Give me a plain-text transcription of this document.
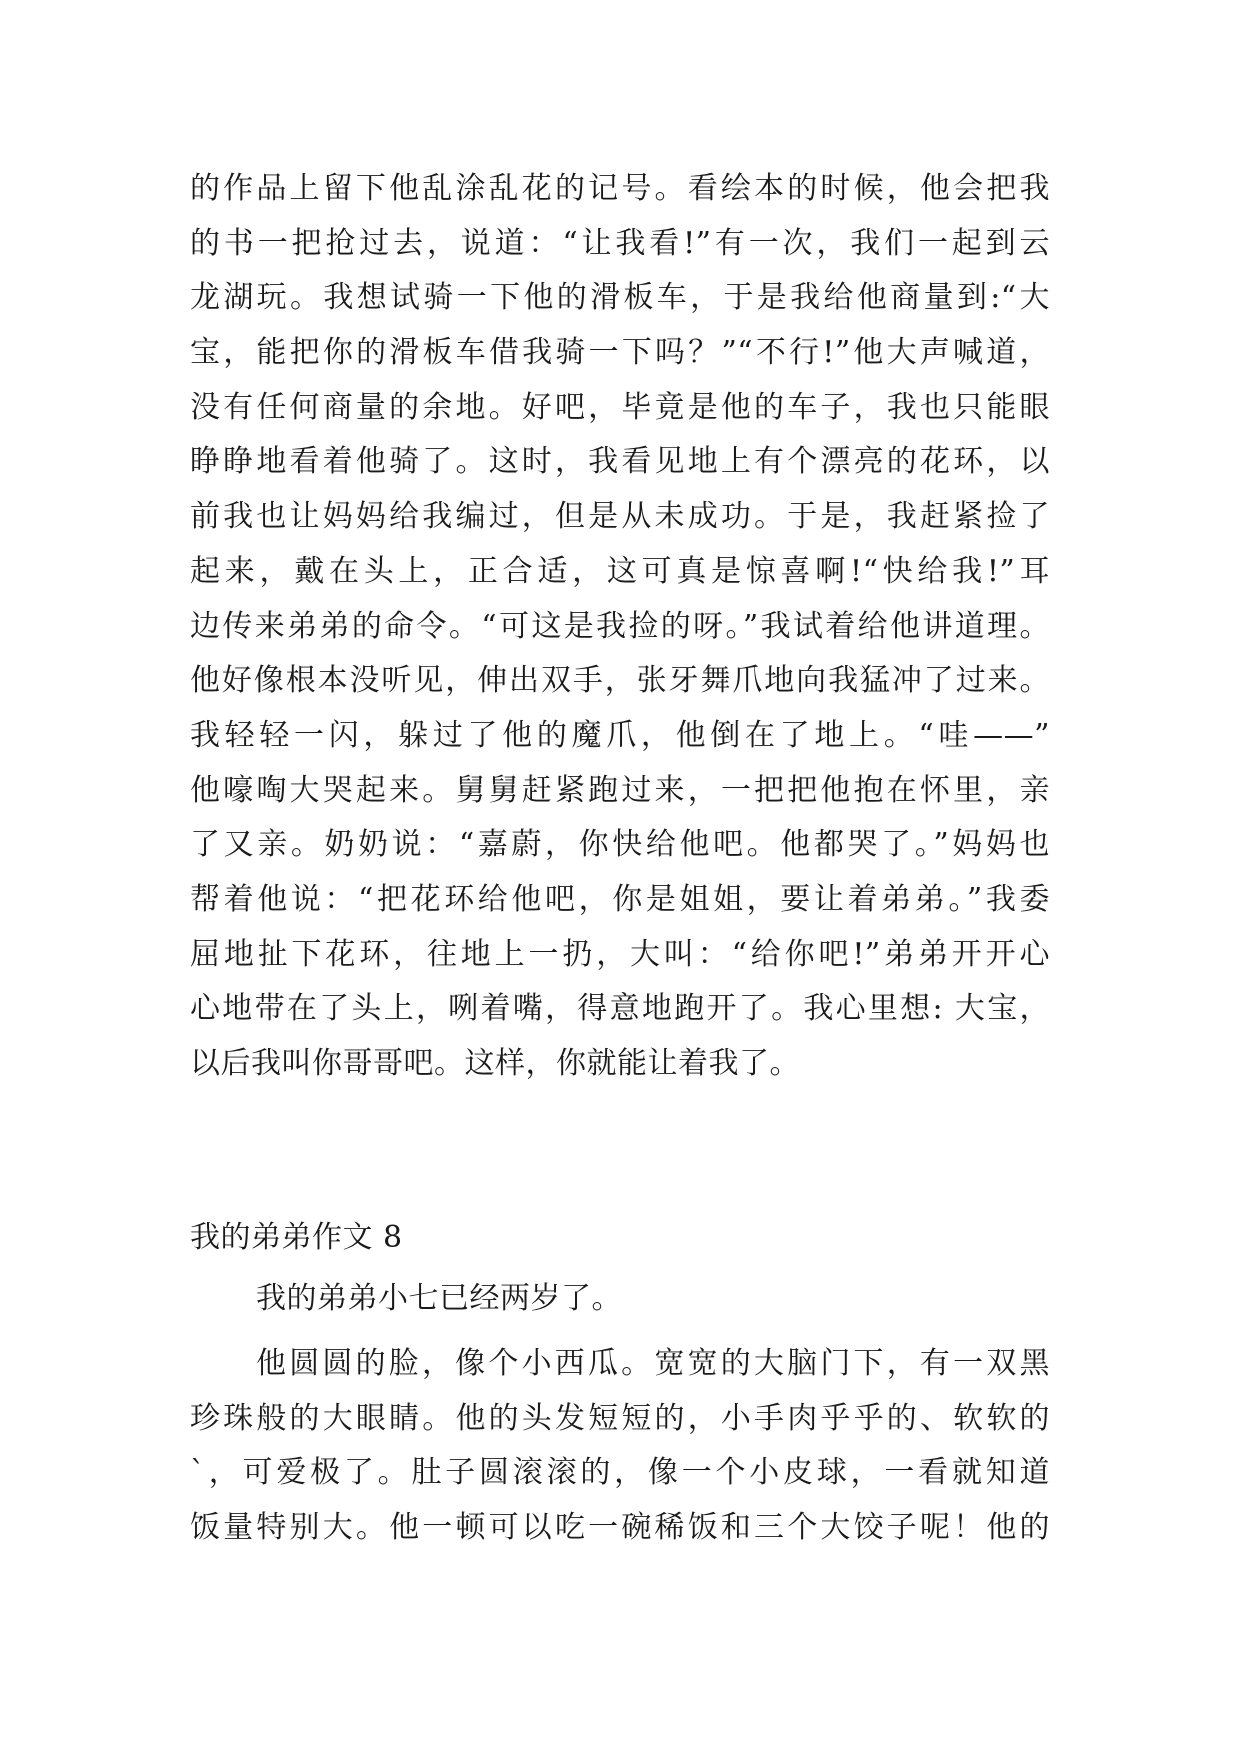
的作品上留下他乱涂乱花的记号。看绘本的时候，他会把我
的书一把抢过去，说道：“让我看!”有一次，我们一起到云
龙湖玩。我想试骑一下他的滑板车，于是我给他商量到:“大
宝，能把你的滑板车借我骑一下吗？”“不行!”他大声喊道，
没有任何商量的余地。好吧，毕竟是他的车子，我也只能眼
睁睁地看着他骑了。这时，我看见地上有个漂亮的花环，以
前我也让妈妈给我编过，但是从未成功。于是，我赶紧捡了
起来，戴在头上，正合适，这可真是惊喜啊!“快给我!”耳
边传来弟弟的命令。“可这是我捡的呀。”我试着给他讲道理。
他好像根本没听见，伸出双手，张牙舞爪地向我猛冲了过来。
我轻轻一闪，躲过了他的魔爪，他倒在了地上。“哇——”
他嚎啕大哭起来。舅舅赶紧跑过来，一把把他抱在怀里，亲
了又亲。奶奶说：“嘉蔚，你快给他吧。他都哭了。”妈妈也
帮着他说：“把花环给他吧，你是姐姐，要让着弟弟。”我委
屈地扯下花环，往地上一扔，大叫：“给你吧!”弟弟开开心
心地带在了头上，咧着嘴，得意地跑开了。我心里想: 大宝，
以后我叫你哥哥吧。这样，你就能让着我了。
我的弟弟作文 8
我的弟弟小七已经两岁了。
他圆圆的脸，像个小西瓜。宽宽的大脑门下，有一双黑
珍珠般的大眼睛。他的头发短短的，小手肉乎乎的、软软的
`，可爱极了。肚子圆滚滚的，像一个小皮球，一看就知道
饭量特别大。他一顿可以吃一碗稀饭和三个大饺子呢！他的
